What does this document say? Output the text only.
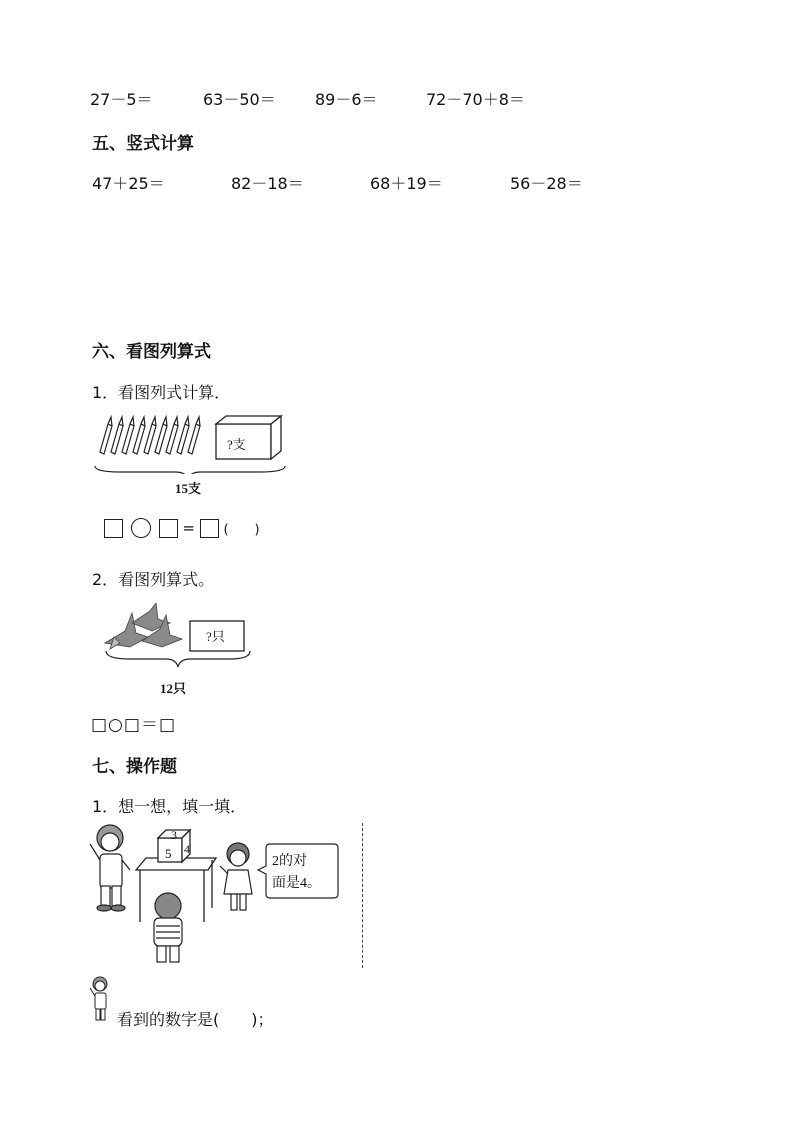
27－5＝	63－50＝ 89－6＝	72－70＋8＝
五、竖式计算
47＋25＝	82－18＝	68＋19＝	56－28＝
六、看图列算式
1．看图列式计算．
?支
15支
= (　　)
2．看图列算式。
?只
12只
□○□＝□
七、操作题
1．想一想，填一填．
3
5 4
2的对
面是4。
看到的数字是(　　)；
